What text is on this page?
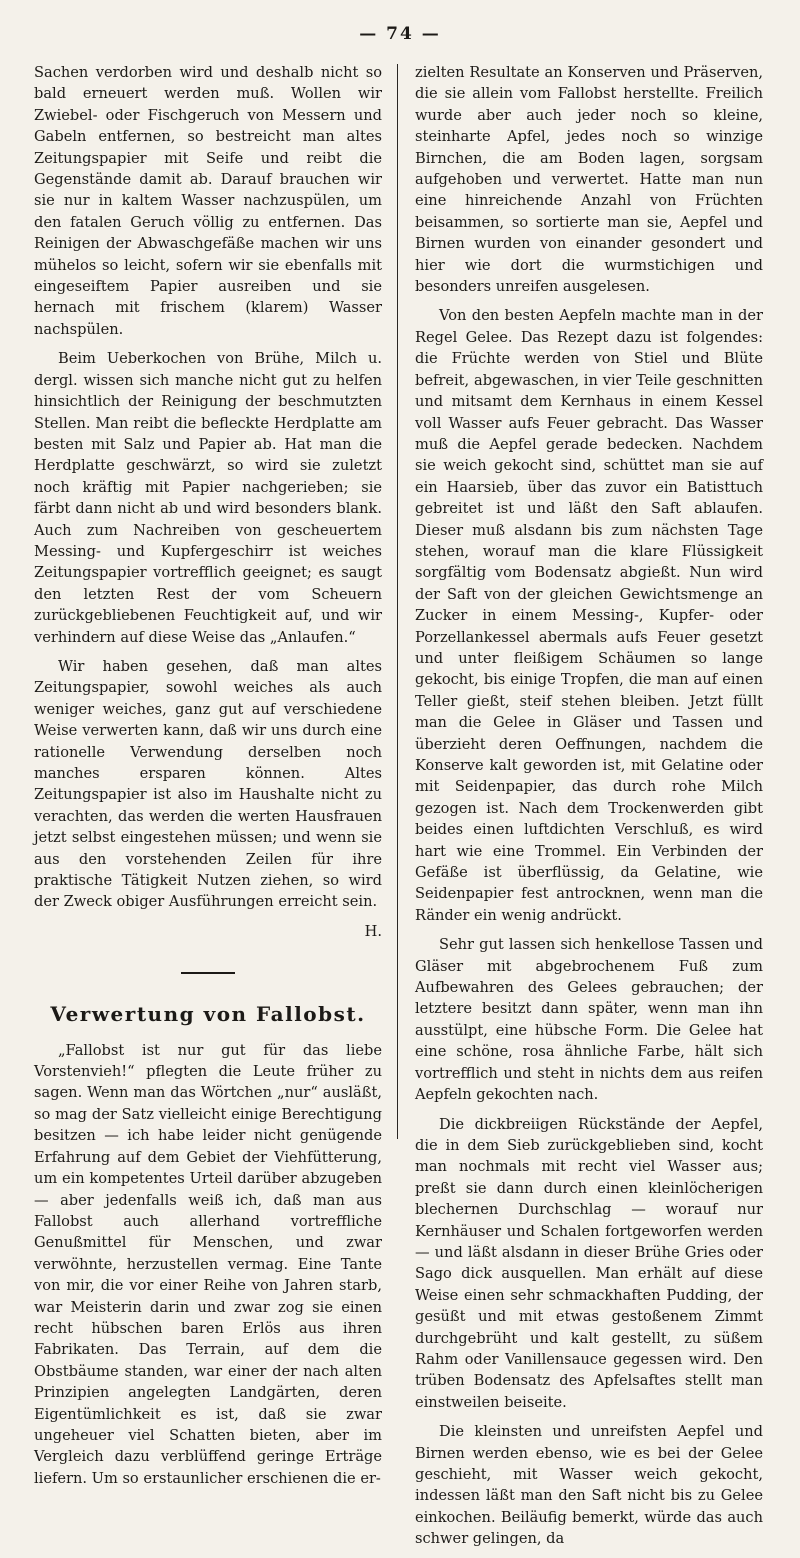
— 74 —

Sachen verdorben wird und deshalb nicht so bald erneuert werden muß. Wollen wir Zwiebel- oder Fischgeruch von Messern und Gabeln entfernen, so bestreicht man altes Zeitungspapier mit Seife und reibt die Gegenstände damit ab. Darauf brauchen wir sie nur in kaltem Wasser nachzuspülen, um den fatalen Geruch völlig zu entfernen. Das Reinigen der Abwaschgefäße machen wir uns mühelos so leicht, sofern wir sie ebenfalls mit eingeseiftem Papier ausreiben und sie hernach mit frischem (klarem) Wasser nachspülen.

Beim Ueberkochen von Brühe, Milch u. dergl. wissen sich manche nicht gut zu helfen hinsichtlich der Reinigung der beschmutzten Stellen. Man reibt die befleckte Herdplatte am besten mit Salz und Papier ab. Hat man die Herdplatte geschwärzt, so wird sie zuletzt noch kräftig mit Papier nachgerieben; sie färbt dann nicht ab und wird besonders blank. Auch zum Nachreiben von gescheuertem Messing- und Kupfergeschirr ist weiches Zeitungspapier vortrefflich geeignet; es saugt den letzten Rest der vom Scheuern zurückgebliebenen Feuchtigkeit auf, und wir verhindern auf diese Weise das „Anlaufen.“

Wir haben gesehen, daß man altes Zeitungspapier, sowohl weiches als auch weniger weiches, ganz gut auf verschiedene Weise verwerten kann, daß wir uns durch eine rationelle Verwendung derselben noch manches ersparen können. Altes Zeitungspapier ist also im Haushalte nicht zu verachten, das werden die werten Hausfrauen jetzt selbst eingestehen müssen; und wenn sie aus den vorstehenden Zeilen für ihre praktische Tätigkeit Nutzen ziehen, so wird der Zweck obiger Ausführungen erreicht sein.

H.
Verwertung von Fallobst.

„Fallobst ist nur gut für das liebe Vorstenvieh!“ pflegten die Leute früher zu sagen. Wenn man das Wörtchen „nur“ ausläßt, so mag der Satz vielleicht einige Berechtigung besitzen — ich habe leider nicht genügende Erfahrung auf dem Gebiet der Viehfütterung, um ein kompetentes Urteil darüber abzugeben — aber jedenfalls weiß ich, daß man aus Fallobst auch allerhand vortreffliche Genußmittel für Menschen, und zwar verwöhnte, herzustellen vermag. Eine Tante von mir, die vor einer Reihe von Jahren starb, war Meisterin darin und zwar zog sie einen recht hübschen baren Erlös aus ihren Fabrikaten. Das Terrain, auf dem die Obstbäume standen, war einer der nach alten Prinzipien angelegten Landgärten, deren Eigentümlichkeit es ist, daß sie zwar ungeheuer viel Schatten bieten, aber im Vergleich dazu verblüffend geringe Erträge liefern. Um so erstaunlicher erschienen die er-

zielten Resultate an Konserven und Präserven, die sie allein vom Fallobst herstellte. Freilich wurde aber auch jeder noch so kleine, steinharte Apfel, jedes noch so winzige Birnchen, die am Boden lagen, sorgsam aufgehoben und verwertet. Hatte man nun eine hinreichende Anzahl von Früchten beisammen, so sortierte man sie, Aepfel und Birnen wurden von einander gesondert und hier wie dort die wurmstichigen und besonders unreifen ausgelesen.

Von den besten Aepfeln machte man in der Regel Gelee. Das Rezept dazu ist folgendes: die Früchte werden von Stiel und Blüte befreit, abgewaschen, in vier Teile geschnitten und mitsamt dem Kernhaus in einem Kessel voll Wasser aufs Feuer gebracht. Das Wasser muß die Aepfel gerade bedecken. Nachdem sie weich gekocht sind, schüttet man sie auf ein Haarsieb, über das zuvor ein Batisttuch gebreitet ist und läßt den Saft ablaufen. Dieser muß alsdann bis zum nächsten Tage stehen, worauf man die klare Flüssigkeit sorgfältig vom Bodensatz abgießt. Nun wird der Saft von der gleichen Gewichtsmenge an Zucker in einem Messing-, Kupfer- oder Porzellankessel abermals aufs Feuer gesetzt und unter fleißigem Schäumen so lange gekocht, bis einige Tropfen, die man auf einen Teller gießt, steif stehen bleiben. Jetzt füllt man die Gelee in Gläser und Tassen und überzieht deren Oeffnungen, nachdem die Konserve kalt geworden ist, mit Gelatine oder mit Seidenpapier, das durch rohe Milch gezogen ist. Nach dem Trockenwerden gibt beides einen luftdichten Verschluß, es wird hart wie eine Trommel. Ein Verbinden der Gefäße ist überflüssig, da Gelatine, wie Seidenpapier fest antrocknen, wenn man die Ränder ein wenig andrückt.

Sehr gut lassen sich henkellose Tassen und Gläser mit abgebrochenem Fuß zum Aufbewahren des Gelees gebrauchen; der letztere besitzt dann später, wenn man ihn ausstülpt, eine hübsche Form. Die Gelee hat eine schöne, rosa ähnliche Farbe, hält sich vortrefflich und steht in nichts dem aus reifen Aepfeln gekochten nach.

Die dickbreiigen Rückstände der Aepfel, die in dem Sieb zurückgeblieben sind, kocht man nochmals mit recht viel Wasser aus; preßt sie dann durch einen kleinlöcherigen blechernen Durchschlag — worauf nur Kernhäuser und Schalen fortgeworfen werden — und läßt alsdann in dieser Brühe Gries oder Sago dick ausquellen. Man erhält auf diese Weise einen sehr schmackhaften Pudding, der gesüßt und mit etwas gestoßenem Zimmt durchgebrüht und kalt gestellt, zu süßem Rahm oder Vanillensauce gegessen wird. Den trüben Bodensatz des Apfelsaftes stellt man einstweilen beiseite.

Die kleinsten und unreifsten Aepfel und Birnen werden ebenso, wie es bei der Gelee geschieht, mit Wasser weich gekocht, indessen läßt man den Saft nicht bis zu Gelee einkochen. Beiläufig bemerkt, würde das auch schwer gelingen, da
